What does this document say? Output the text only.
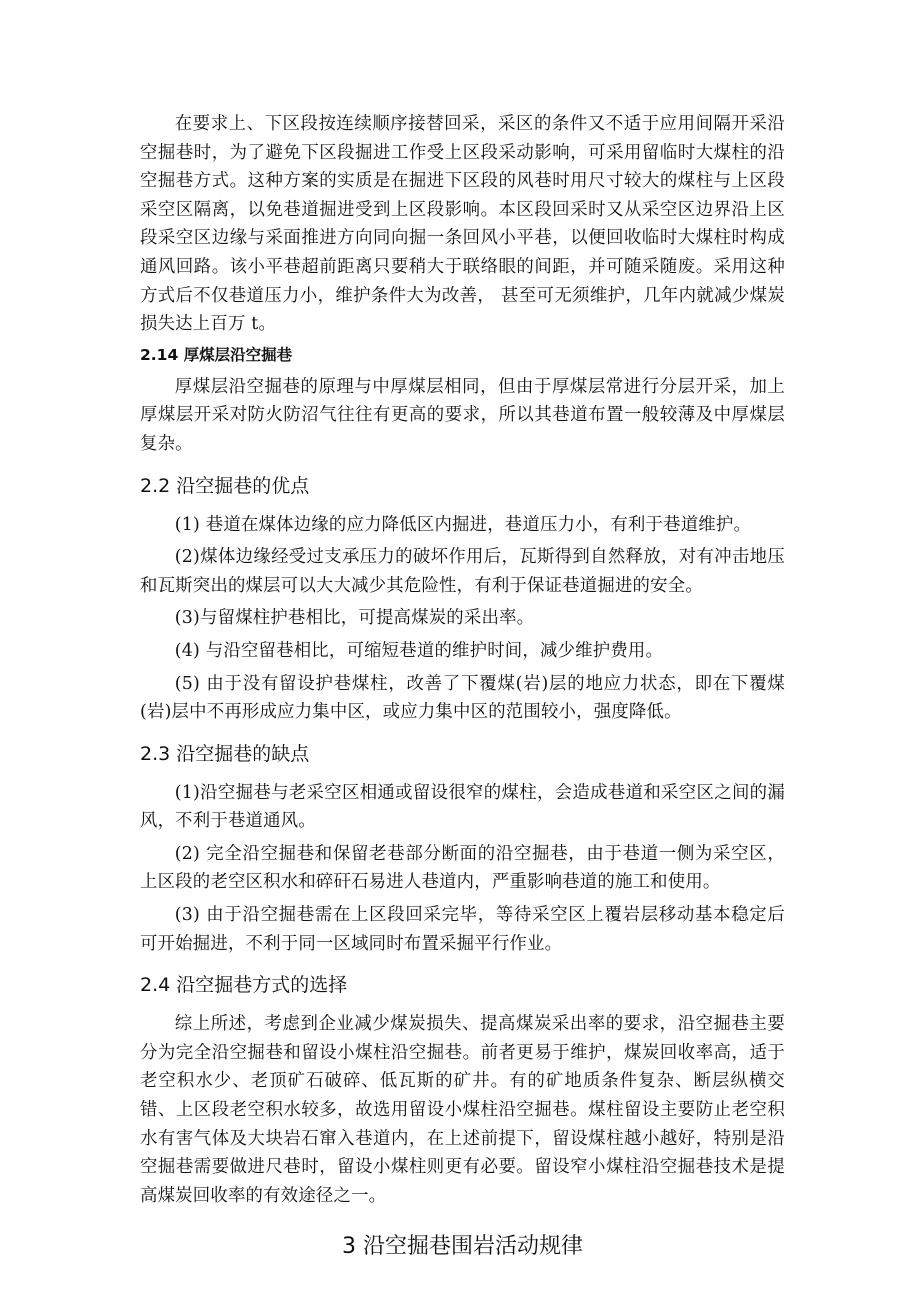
在要求上、下区段按连续顺序接替回采，采区的条件又不适于应用间隔开采沿空掘巷时，为了避免下区段掘进工作受上区段采动影响，可采用留临时大煤柱的沿空掘巷方式。这种方案的实质是在掘进下区段的风巷时用尺寸较大的煤柱与上区段采空区隔离，以免巷道掘进受到上区段影响。本区段回采时又从采空区边界沿上区段采空区边缘与采面推进方向同向掘一条回风小平巷，以便回收临时大煤柱时构成通风回路。该小平巷超前距离只要稍大于联络眼的间距，并可随采随废。采用这种方式后不仅巷道压力小，维护条件大为改善， 甚至可无须维护，几年内就减少煤炭损失达上百万 t。

2.14 厚煤层沿空掘巷

厚煤层沿空掘巷的原理与中厚煤层相同，但由于厚煤层常进行分层开采，加上厚煤层开采对防火防沼气往往有更高的要求，所以其巷道布置一般较薄及中厚煤层复杂。

2.2 沿空掘巷的优点

(1) 巷道在煤体边缘的应力降低区内掘进，巷道压力小，有利于巷道维护。

(2)煤体边缘经受过支承压力的破坏作用后，瓦斯得到自然释放，对有冲击地压和瓦斯突出的煤层可以大大减少其危险性，有利于保证巷道掘进的安全。

(3)与留煤柱护巷相比，可提高煤炭的采出率。

(4) 与沿空留巷相比，可缩短巷道的维护时间，减少维护费用。

(5) 由于没有留设护巷煤柱，改善了下覆煤(岩)层的地应力状态，即在下覆煤(岩)层中不再形成应力集中区，或应力集中区的范围较小，强度降低。

2.3 沿空掘巷的缺点

(1)沿空掘巷与老采空区相通或留设很窄的煤柱，会造成巷道和采空区之间的漏风，不利于巷道通风。

(2) 完全沿空掘巷和保留老巷部分断面的沿空掘巷，由于巷道一侧为采空区，上区段的老空区积水和碎矸石易进人巷道内，严重影响巷道的施工和使用。

(3) 由于沿空掘巷需在上区段回采完毕，等待采空区上覆岩层移动基本稳定后可开始掘进，不利于同一区域同时布置采掘平行作业。

2.4 沿空掘巷方式的选择

综上所述，考虑到企业减少煤炭损失、提高煤炭采出率的要求，沿空掘巷主要分为完全沿空掘巷和留设小煤柱沿空掘巷。前者更易于维护，煤炭回收率高，适于老空积水少、老顶矿石破碎、低瓦斯的矿井。有的矿地质条件复杂、断层纵横交错、上区段老空积水较多，故选用留设小煤柱沿空掘巷。煤柱留设主要防止老空积水有害气体及大块岩石窜入巷道内，在上述前提下，留设煤柱越小越好，特别是沿空掘巷需要做进尺巷时，留设小煤柱则更有必要。留设窄小煤柱沿空掘巷技术是提高煤炭回收率的有效途径之一。

3 沿空掘巷围岩活动规律
